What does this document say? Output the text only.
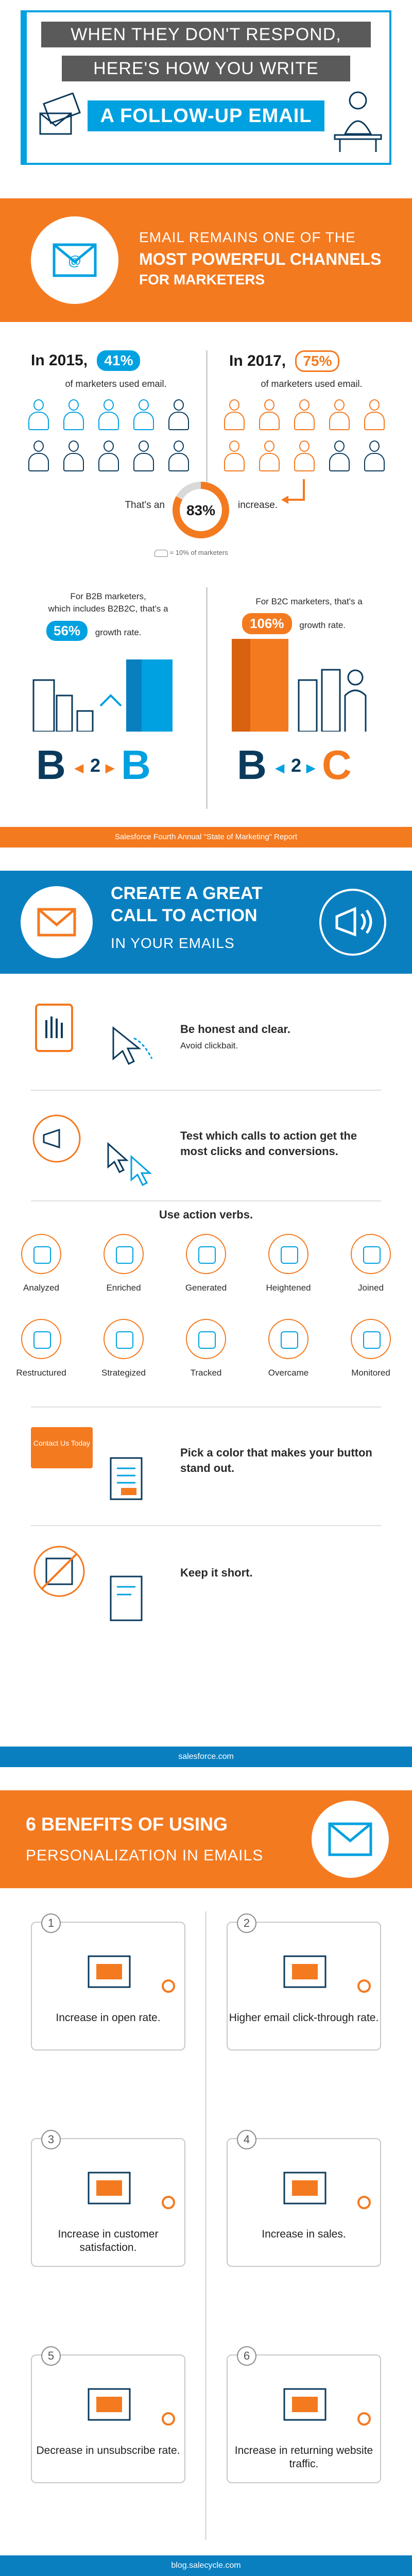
WHEN THEY DON'T RESPOND,
HERE'S HOW YOU WRITE
A FOLLOW-UP EMAIL
@
EMAIL REMAINS ONE OF THE
MOST POWERFUL CHANNELS
FOR MARKETERS
In 2015, 41%
of marketers used email.
In 2017, 75%
of marketers used email.
That's an 83% increase.
= 10% of marketers
For B2B marketers,
which includes B2B2C, that's a
56% growth rate.
For B2C marketers, that's a
106% growth rate.
B ◀ 2 ▶ B B ◀ 2 ▶ C
Salesforce Fourth Annual "State of Marketing" Report
CREATE A GREAT
CALL TO ACTION
IN YOUR EMAILS
Be honest and clear.
Avoid clickbait.
Test which calls to action get the most clicks and conversions.
Use action verbs.
Analyzed	Enriched	Generated	Heightened	Joined
Restructured	Strategized	Tracked	Overcame	Monitored
Contact Us Today
Pick a color that makes your button stand out.
Keep it short.
salesforce.com
6 BENEFITS OF USING
PERSONALIZATION IN EMAILS
1
Increase in open rate.
2
Higher email click-through rate.
3
Increase in customer satisfaction.
4
Increase in sales.
5
Decrease in unsubscribe rate.
6
Increase in returning website traffic.
blog.salecycle.com
